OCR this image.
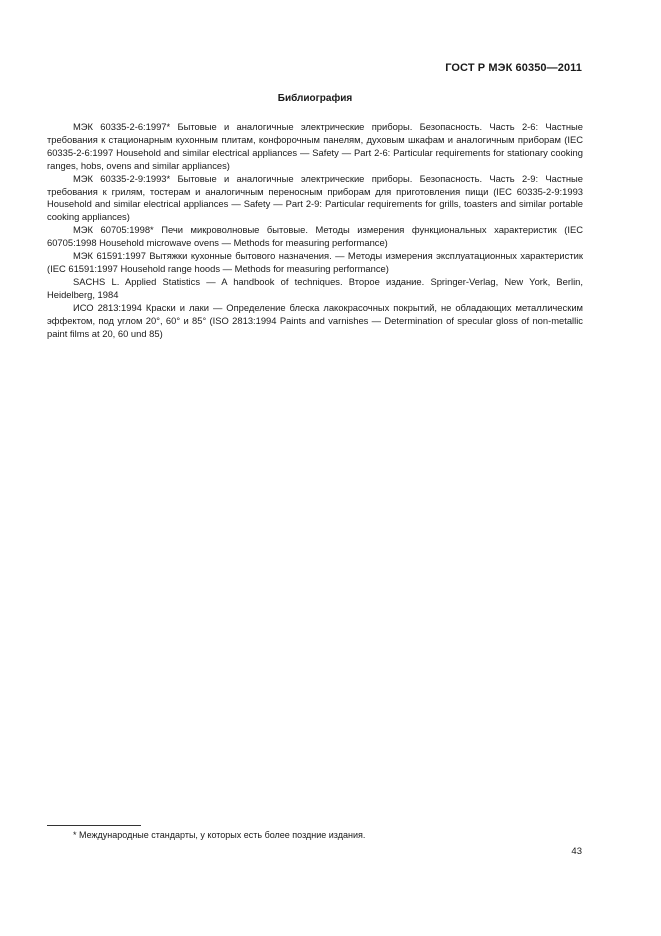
ГОСТ Р МЭК 60350—2011
Библиография
МЭК 60335-2-6:1997* Бытовые и аналогичные электрические приборы. Безопасность. Часть 2-6: Частные требования к стационарным кухонным плитам, конфорочным панелям, духовым шкафам и аналогичным приборам (IEC 60335-2-6:1997 Household and similar electrical appliances — Safety — Part 2-6: Particular requirements for stationary cooking ranges, hobs, ovens and similar appliances)
МЭК 60335-2-9:1993* Бытовые и аналогичные электрические приборы. Безопасность. Часть 2-9: Частные требования к грилям, тостерам и аналогичным переносным приборам для приготовления пищи (IEC 60335-2-9:1993 Household and similar electrical appliances — Safety — Part 2-9: Particular requirements for grills, toasters and similar portable cooking appliances)
МЭК 60705:1998* Печи микроволновые бытовые. Методы измерения функциональных характеристик (IEC 60705:1998 Household microwave ovens — Methods for measuring performance)
МЭК 61591:1997 Вытяжки кухонные бытового назначения. — Методы измерения эксплуатационных характеристик (IEC 61591:1997 Household range hoods — Methods for measuring performance)
SACHS L. Applied Statistics — A handbook of techniques. Второе издание. Springer-Verlag, New York, Berlin, Heidelberg, 1984
ИСО 2813:1994 Краски и лаки — Определение блеска лакокрасочных покрытий, не обладающих металлическим эффектом, под углом 20°, 60° и 85° (ISO 2813:1994 Paints and varnishes — Determination of specular gloss of non-metallic paint films at 20, 60 und 85)
* Международные стандарты, у которых есть более поздние издания.
43
